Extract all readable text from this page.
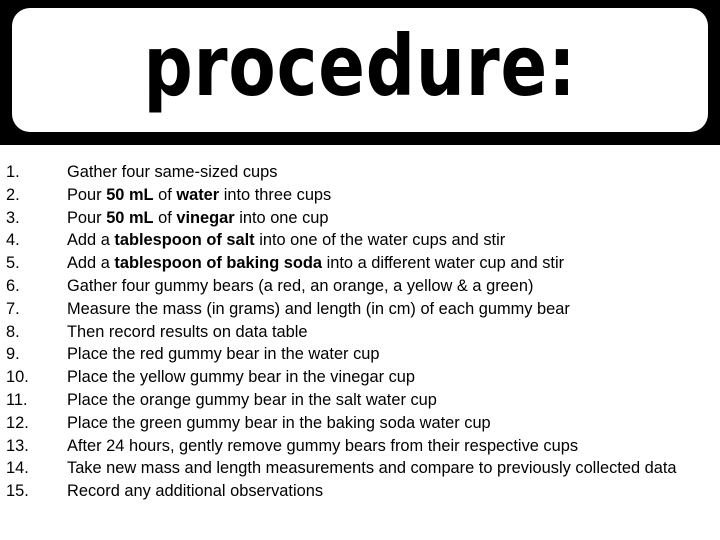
procedure:
1.	Gather four same-sized cups
2.	Pour 50 mL of water into three cups
3.	Pour 50 mL of vinegar into one cup
4.	Add a tablespoon of salt into one of the water cups and stir
5.	Add a tablespoon of baking soda into a different water cup and stir
6.	Gather four gummy bears (a red, an orange, a yellow & a green)
7.	Measure the mass (in grams) and length (in cm) of each gummy bear
8.	Then record results on data table
9.	Place the red gummy bear in the water cup
10.	Place the yellow gummy bear in the vinegar cup
11.	Place the orange gummy bear in the salt water cup
12.	Place the green gummy bear in the baking soda water cup
13.	After 24 hours, gently remove gummy bears from their respective cups
14.	Take new mass and length measurements and compare to previously collected data
15.	Record any additional observations
